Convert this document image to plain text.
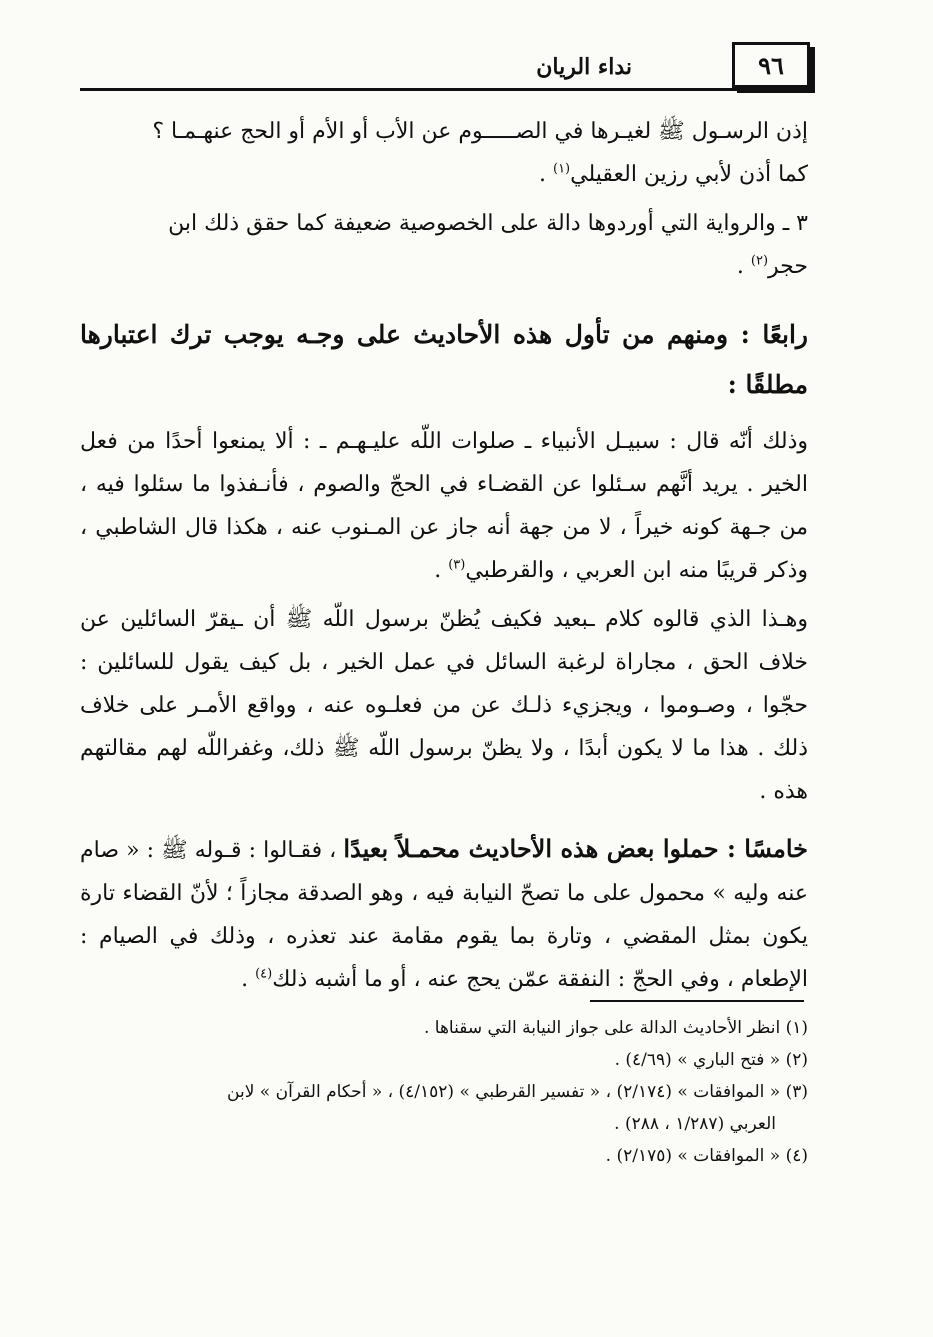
٩٦
نداء الريان

إذن الرسـول ﷺ لغيـرها في الصـــــوم عن الأب أو الأم أو الحج عنهـمـا ؟
كما أذن لأبي رزين العقيلي$^{(١)}$ .

٣ ـ والرواية التي أوردوها دالة على الخصوصية ضعيفة كما حقق ذلك ابن
حجر$^{(٢)}$ .

رابعًا : ومنهم من تأول هذه الأحاديث على وجـه يوجب ترك اعتبارها مطلقًا :

وذلك أنّه قال : سبيـل الأنبياء ـ صلوات اللّه عليـهـم ـ : ألا يمنعوا أحدًا من فعل الخير . يريد أنَّهم سـئلوا عن القضـاء في الحجّ والصوم ، فأنـفذوا ما سئلوا فيه ، من جـهة كونه خيراً ، لا من جهة أنه جاز عن المـنوب عنه ، هكذا قال الشاطبي ، وذكر قريبًا منه ابن العربي ، والقرطبي$^{(٣)}$ .

وهـذا الذي قالوه كلام ـبعيد فكيف يُظنّ برسول اللّه ﷺ أن ـيقرّ السائلين عن خلاف الحق ، مجاراة لرغبة السائل في عمل الخير ، بل كيف يقول للسائلين : حجّوا ، وصـوموا ، ويجزيء ذلـك عن من فعلـوه عنه ، وواقع الأمـر على خلاف ذلك . هذا ما لا يكون أبدًا ، ولا يظنّ برسول اللّه ﷺ ذلك، وغفراللّه لهم مقالتهم هذه .

خامسًا : حملوا بعض هذه الأحاديث محمـلاً بعيدًا ، فقـالوا : قـوله ﷺ : « صام عنه وليه » محمول على ما تصحّ النيابة فيه ، وهو الصدقة مجازاً ؛ لأنّ القضاء تارة يكون بمثل المقضي ، وتارة بما يقوم مقامة عند تعذره ، وذلك في الصيام : الإطعام ، وفي الحجّ : النفقة عمّن يحج عنه ، أو ما أشبه ذلك$^{(٤)}$ .

(١) انظر الأحاديث الدالة على جواز النيابة التي سقناها .
(٢) « فتح الباري » (٤/٦٩) .
(٣) « الموافقات » (٢/١٧٤) ، « تفسير القرطبي » (٤/١٥٢) ، « أحكام القرآن » لابن
العربي (١/٢٨٧ ، ٢٨٨) .
(٤) « الموافقات » (٢/١٧٥) .
